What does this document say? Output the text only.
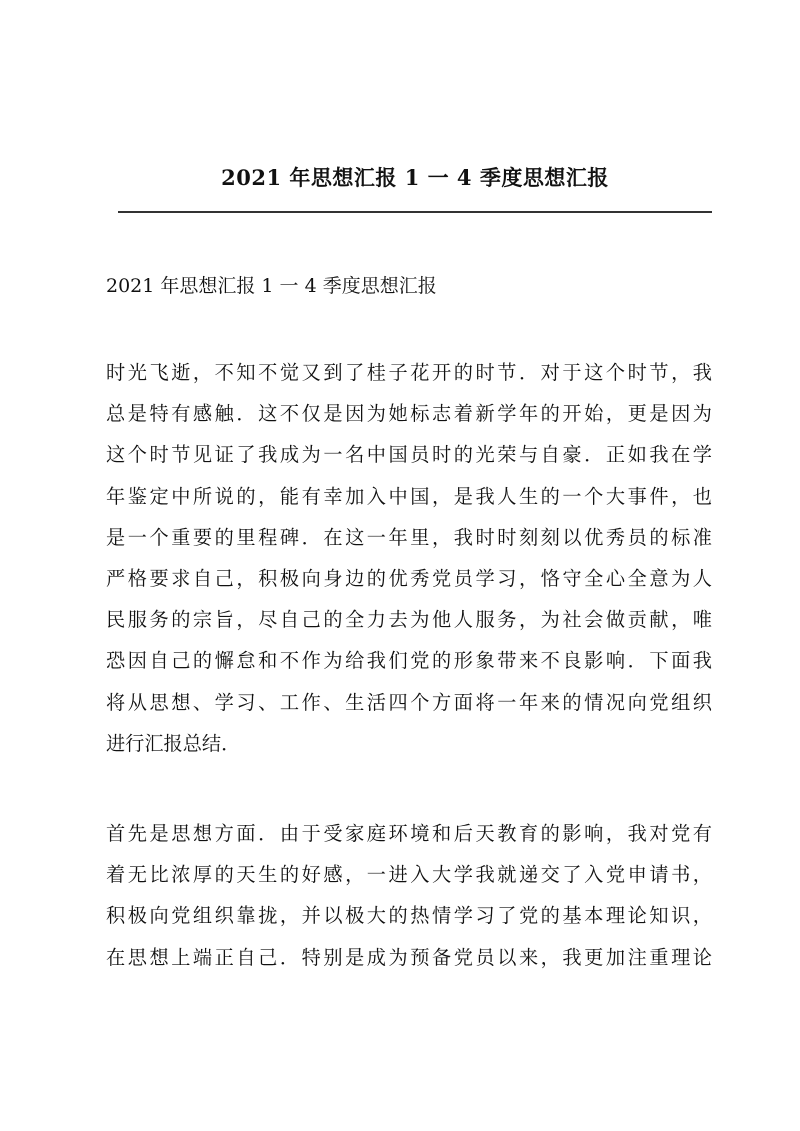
2021 年思想汇报 1 一 4 季度思想汇报
2021 年思想汇报 1 一 4 季度思想汇报
时光飞逝，不知不觉又到了桂子花开的时节．对于这个时节，我
总是特有感触．这不仅是因为她标志着新学年的开始，更是因为
这个时节见证了我成为一名中国员时的光荣与自豪．正如我在学
年鉴定中所说的，能有幸加入中国，是我人生的一个大事件，也
是一个重要的里程碑．在这一年里，我时时刻刻以优秀员的标准
严格要求自己，积极向身边的优秀党员学习，恪守全心全意为人
民服务的宗旨，尽自己的全力去为他人服务，为社会做贡献，唯
恐因自己的懈怠和不作为给我们党的形象带来不良影响．下面我
将从思想、学习、工作、生活四个方面将一年来的情况向党组织
进行汇报总结．
首先是思想方面．由于受家庭环境和后天教育的影响，我对党有
着无比浓厚的天生的好感，一进入大学我就递交了入党申请书，
积极向党组织靠拢，并以极大的热情学习了党的基本理论知识，
在思想上端正自己．特别是成为预备党员以来，我更加注重理论
